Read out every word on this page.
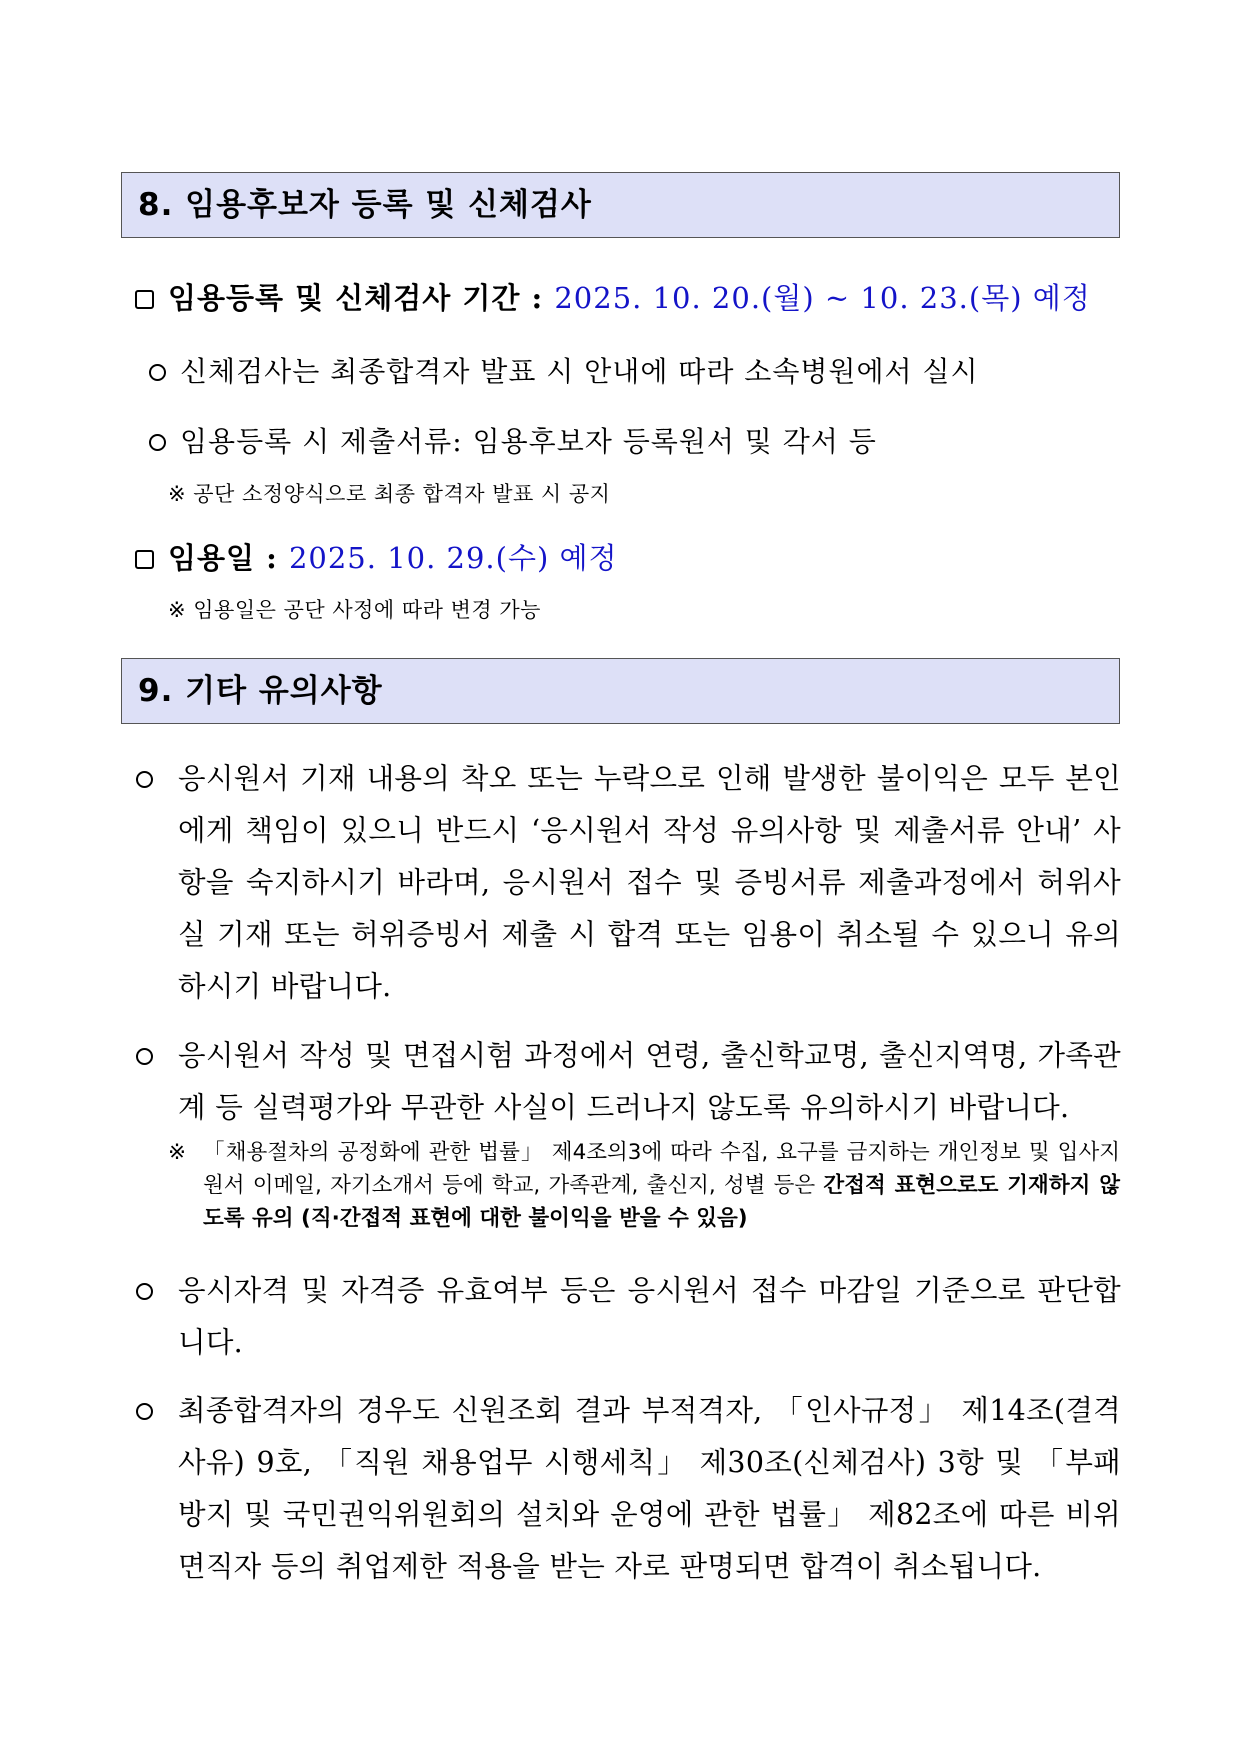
8. 임용후보자 등록 및 신체검사
임용등록 및 신체검사 기간 : 2025. 10. 20.(월) ~ 10. 23.(목) 예정
신체검사는 최종합격자 발표 시 안내에 따라 소속병원에서 실시
임용등록 시 제출서류: 임용후보자 등록원서 및 각서 등
※ 공단 소정양식으로 최종 합격자 발표 시 공지
임용일 : 2025. 10. 29.(수) 예정
※ 임용일은 공단 사정에 따라 변경 가능
9. 기타 유의사항
응시원서 기재 내용의 착오 또는 누락으로 인해 발생한 불이익은 모두 본인에게 책임이 있으니 반드시 ‘응시원서 작성 유의사항 및 제출서류 안내’ 사항을 숙지하시기 바라며, 응시원서 접수 및 증빙서류 제출과정에서 허위사실 기재 또는 허위증빙서 제출 시 합격 또는 임용이 취소될 수 있으니 유의하시기 바랍니다.
응시원서 작성 및 면접시험 과정에서 연령, 출신학교명, 출신지역명, 가족관계 등 실력평가와 무관한 사실이 드러나지 않도록 유의하시기 바랍니다.
※ 「채용절차의 공정화에 관한 법률」 제4조의3에 따라 수집, 요구를 금지하는 개인정보 및 입사지원서 이메일, 자기소개서 등에 학교, 가족관계, 출신지, 성별 등은 간접적 표현으로도 기재하지 않도록 유의 (직·간접적 표현에 대한 불이익을 받을 수 있음)
응시자격 및 자격증 유효여부 등은 응시원서 접수 마감일 기준으로 판단합니다.
최종합격자의 경우도 신원조회 결과 부적격자, 「인사규정」 제14조(결격사유) 9호, 「직원 채용업무 시행세칙」 제30조(신체검사) 3항 및 「부패방지 및 국민권익위원회의 설치와 운영에 관한 법률」 제82조에 따른 비위면직자 등의 취업제한 적용을 받는 자로 판명되면 합격이 취소됩니다.
